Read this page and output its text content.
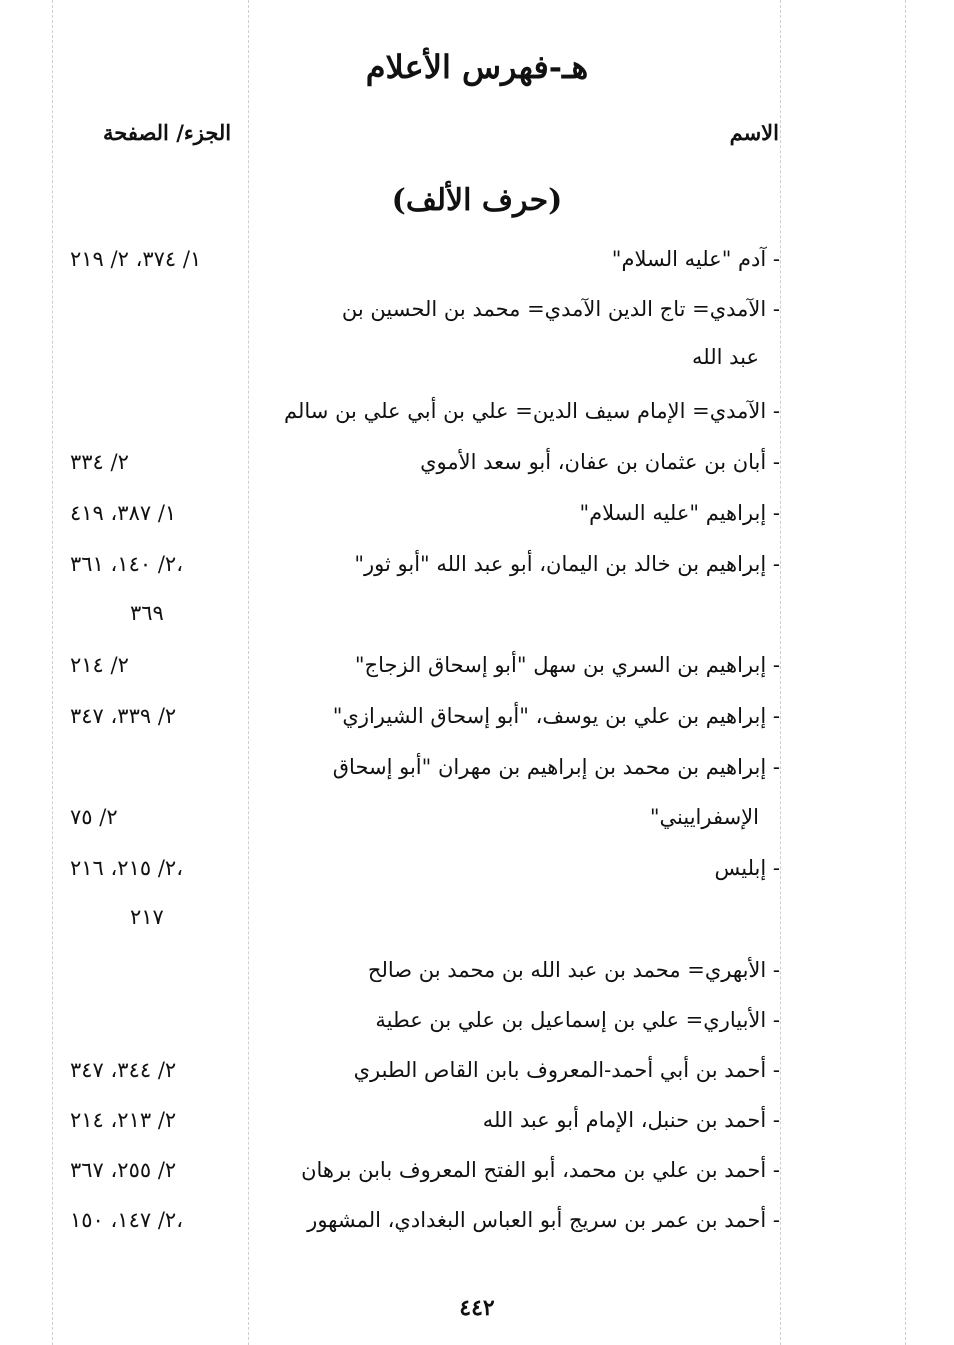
هـ-فهرس الأعلام
الاسم
الجزء/ الصفحة
(حرف الألف)
- آدم "عليه السلام"
١/ ٣٧٤، ٢/ ٢١٩
- الآمدي= تاج الدين الآمدي= محمد بن الحسين بن
عبد الله
- الآمدي= الإمام سيف الدين= علي بن أبي علي بن سالم
- أبان بن عثمان بن عفان، أبو سعد الأموي
٢/ ٣٣٤
- إبراهيم "عليه السلام"
١/ ٣٨٧، ٤١٩
- إبراهيم بن خالد بن اليمان، أبو عبد الله "أبو ثور"
٢/ ١٤٠، ٣٦١،
٣٦٩
- إبراهيم بن السري بن سهل "أبو إسحاق الزجاج"
٢/ ٢١٤
- إبراهيم بن علي بن يوسف، "أبو إسحاق الشيرازي"
٢/ ٣٣٩، ٣٤٧
- إبراهيم بن محمد بن إبراهيم بن مهران "أبو إسحاق
الإسفراييني"
٢/ ٧٥
- إبليس
٢/ ٢١٥، ٢١٦،
٢١٧
- الأبهري= محمد بن عبد الله بن محمد بن صالح
- الأبياري= علي بن إسماعيل بن علي بن عطية
- أحمد بن أبي أحمد-المعروف بابن القاص الطبري
٢/ ٣٤٤، ٣٤٧
- أحمد بن حنبل، الإمام أبو عبد الله
٢/ ٢١٣، ٢١٤
- أحمد بن علي بن محمد، أبو الفتح المعروف بابن برهان
٢/ ٢٥٥، ٣٦٧
- أحمد بن عمر بن سريج أبو العباس البغدادي، المشهور
٢/ ١٤٧، ١٥٠،
٤٤٢
